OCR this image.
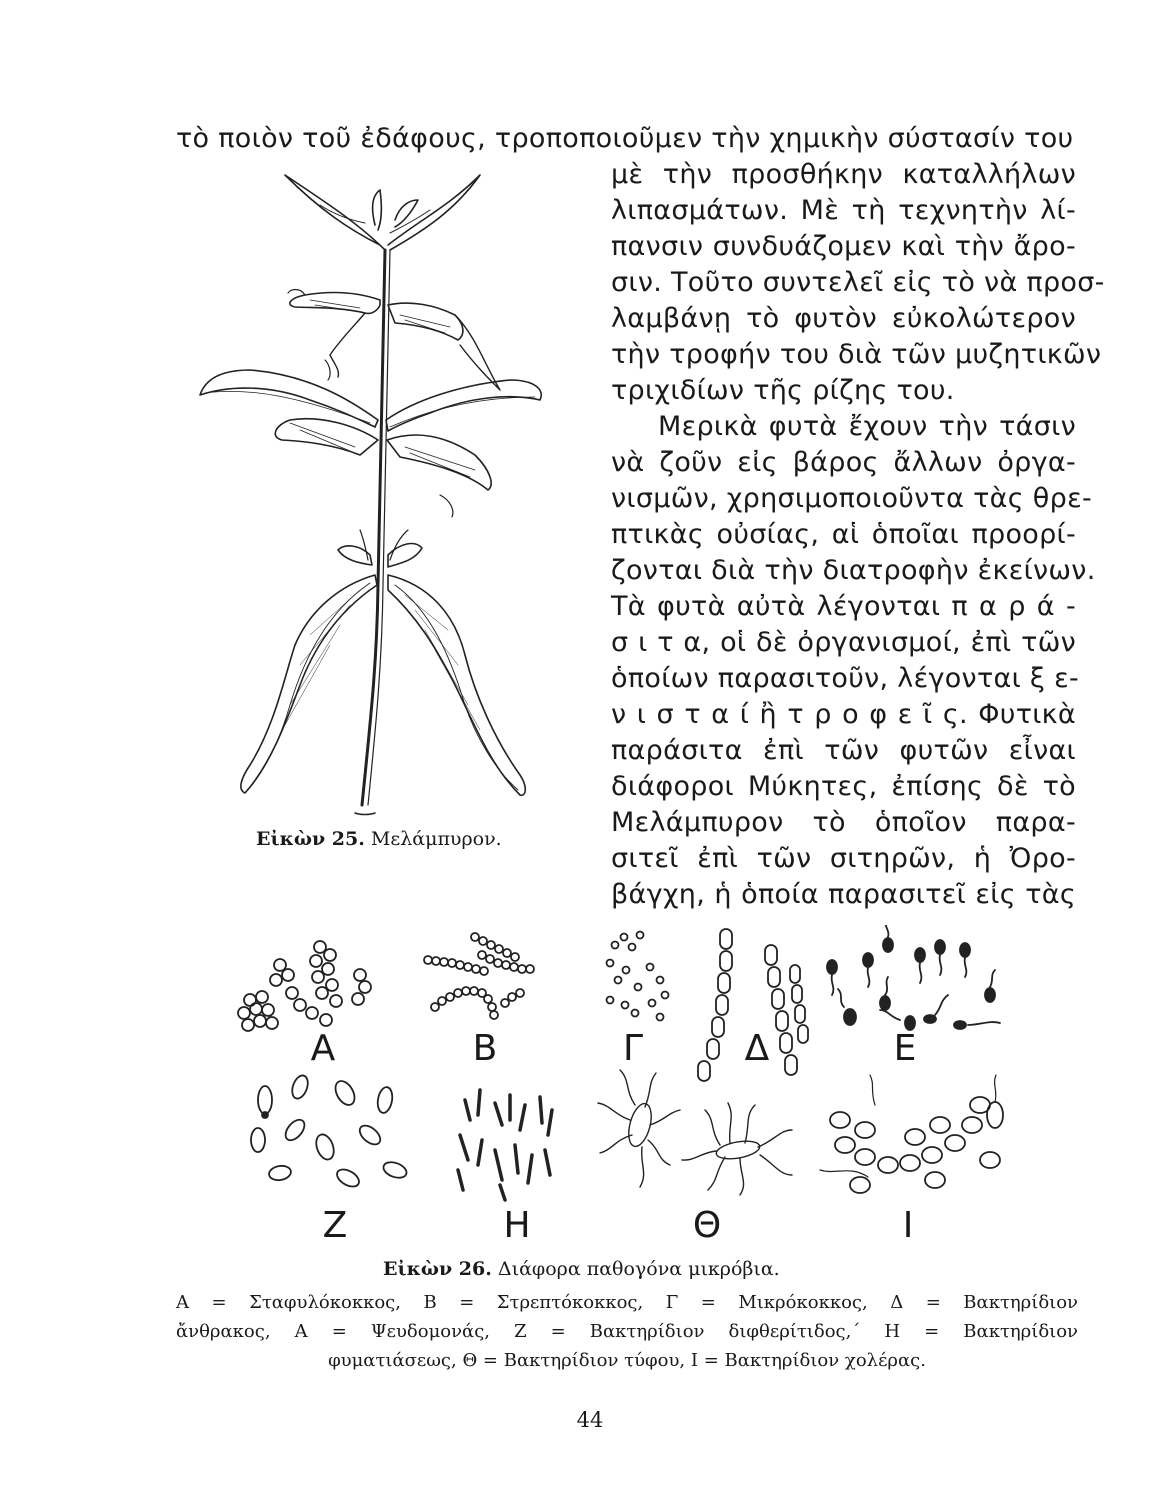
τὸ ποιὸν τοῦ ἐδάφους, τροποποιοῦμεν τὴν χημικὴν σύστασίν του
μὲ τὴν προσθήκην καταλλήλων
λιπασμάτων. Μὲ τὴ τεχνητὴν λί-
πανσιν συνδυάζομεν καὶ τὴν ἄρο-
σιν. Τοῦτο συντελεῖ εἰς τὸ νὰ προσ-
λαμβάνῃ τὸ φυτὸν εὐκολώτερον
τὴν τροφήν του διὰ τῶν μυζητικῶν
τριχιδίων τῆς ρίζης του.
Μερικὰ φυτὰ ἔχουν τὴν τάσιν
νὰ ζοῦν εἰς βάρος ἄλλων ὀργα-
νισμῶν, χρησιμοποιοῦντα τὰς θρε-
πτικὰς οὐσίας, αἱ ὁποῖαι προορί-
ζονται διὰ τὴν διατροφὴν ἐκείνων.
Τὰ φυτὰ αὐτὰ λέγονται π α ρ ά -
σ ι τ α, οἱ δὲ ὀργανισμοί, ἐπὶ τῶν
ὁποίων παρασιτοῦν, λέγονται ξ ε-
ν ι σ τ α ί ἢ τ ρ ο φ ε ῖ ς. Φυτικὰ
παράσιτα ἐπὶ τῶν φυτῶν εἶναι
διάφοροι Μύκητες, ἐπίσης δὲ τὸ
Μελάμπυρον τὸ ὁποῖον παρα-
σιτεῖ ἐπὶ τῶν σιτηρῶν, ἡ Ὀρο-
βάγχη, ἡ ὁποία παρασιτεῖ εἰς τὰς
Εἰκὼν 25. Μελάμπυρον.
Α	Β	Γ	Δ	Ε
Ζ	Η	Θ	Ι
Εἰκὼν 26. Διάφορα παθογόνα μικρόβια.
Α = Σταφυλόκοκκος, Β = Στρεπτόκοκκος, Γ = Μικρόκοκκος, Δ = Βακτηρίδιον
ἄνθρακος, Α = Ψευδομονάς, Ζ = Βακτηρίδιον διφθερίτιδος,΄ Η = Βακτηρίδιον
φυματιάσεως, Θ = Βακτηρίδιον τύφου, Ι = Βακτηρίδιον χολέρας.
44
